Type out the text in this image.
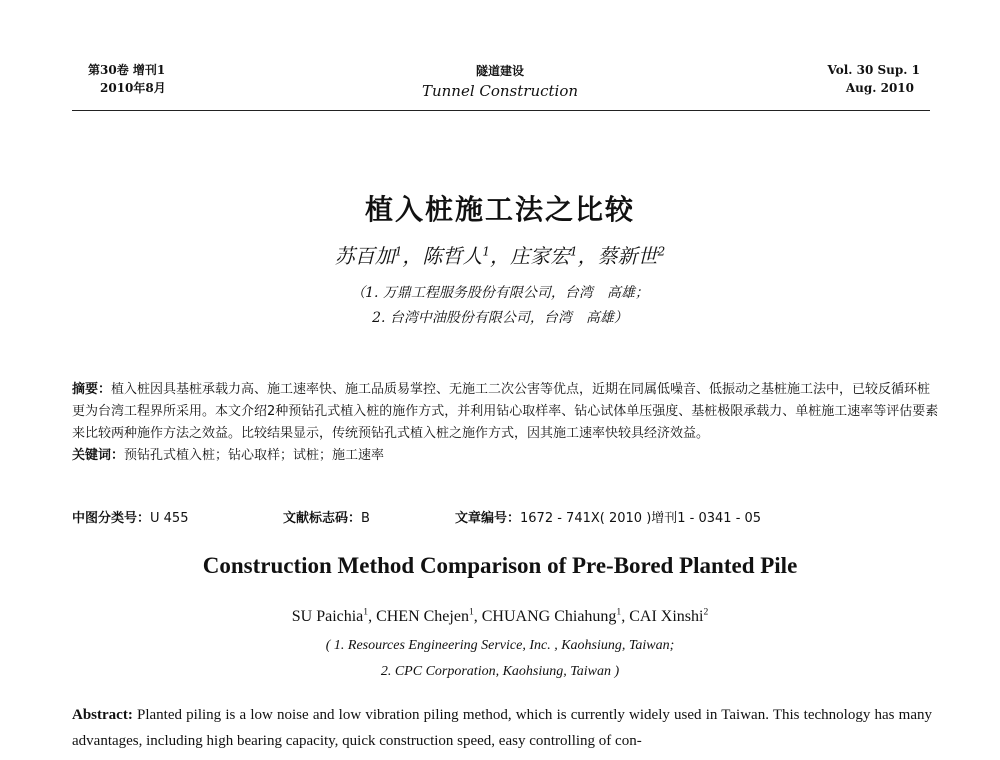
第30卷 增刊1
2010年8月
隧道建设
Tunnel Construction
Vol. 30 Sup. 1
Aug. 2010
植入桩施工法之比较
苏百加$^1$，陈哲人$^1$，庄家宏$^1$，蔡新世$^2$
（1. 万鼎工程服务股份有限公司，台湾　高雄；
2. 台湾中油股份有限公司，台湾　高雄）
摘要：植入桩因具基桩承载力高、施工速率快、施工品质易掌控、无施工二次公害等优点，近期在同属低噪音、低振动之基桩施工法中，已较反循环桩更为台湾工程界所采用。本文介绍2种预钻孔式植入桩的施作方式，并利用钻心取样率、钻心试体单压强度、基桩极限承载力、单桩施工速率等评估要素来比较两种施作方法之效益。比较结果显示，传统预钻孔式植入桩之施作方式，因其施工速率快较具经济效益。
关键词：预钻孔式植入桩；钻心取样；试桩；施工速率
中图分类号：U 455	文献标志码：B	文章编号：1672 - 741X( 2010 )增刊1 - 0341 - 05
Construction Method Comparison of Pre-Bored Planted Pile
SU Paichia$^1$, CHEN Chejen$^1$, CHUANG Chiahung$^1$, CAI Xinshi$^2$
( 1. Resources Engineering Service, Inc. , Kaohsiung, Taiwan;
2. CPC Corporation, Kaohsiung, Taiwan )
Abstract: Planted piling is a low noise and low vibration piling method, which is currently widely used in Taiwan. This technology has many advantages, including high bearing capacity, quick construction speed, easy controlling of con-
